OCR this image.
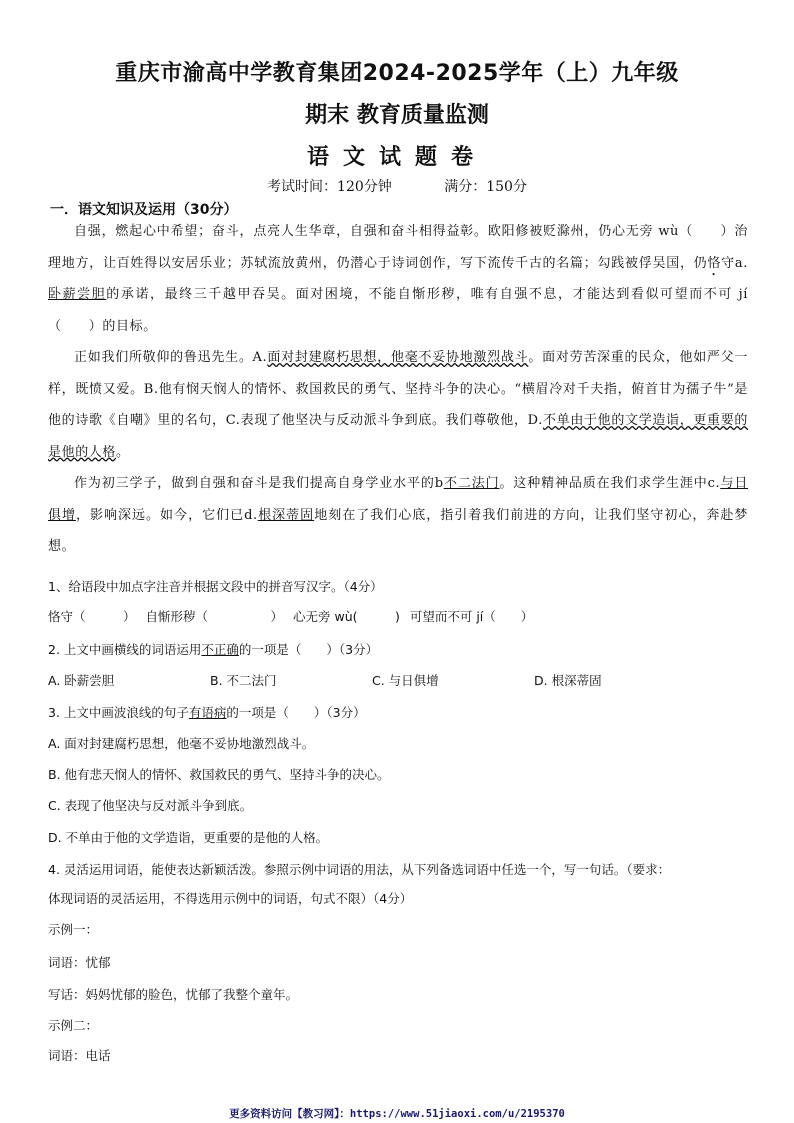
重庆市渝高中学教育集团2024-2025学年（上）九年级
期末 教育质量监测
语文试题卷
考试时间：120分钟	满分：150分
一．语文知识及运用（30分）

自强，燃起心中希望；奋斗，点亮人生华章，自强和奋斗相得益彰。欧阳修被贬滁州，仍心无旁 wù（　　）治理地方，让百姓得以安居乐业；苏轼流放黄州，仍潜心于诗词创作，写下流传千古的名篇；勾践被俘吴国，仍恪守a.卧薪尝胆的承诺，最终三千越甲吞吴。面对困境，不能自惭形秽，唯有自强不息，才能达到看似可望而不可 jí（　　）的目标。

正如我们所敬仰的鲁迅先生。A.面对封建腐朽思想，他毫不妥协地激烈战斗。面对劳苦深重的民众，他如严父一样，既愤又爱。B.他有悯天悯人的情怀、救国救民的勇气、坚持斗争的决心。“横眉冷对千夫指，俯首甘为孺子牛”是他的诗歌《自嘲》里的名句，C.表现了他坚决与反动派斗争到底。我们尊敬他，D.不单由于他的文学造诣，更重要的是他的人格。

作为初三学子，做到自强和奋斗是我们提高自身学业水平的b不二法门。这种精神品质在我们求学生涯中c.与日俱增，影响深远。如今，它们已d.根深蒂固地刻在了我们心底，指引着我们前进的方向，让我们坚守初心，奔赴梦想。

1、给语段中加点字注音并根据文段中的拼音写汉字。（4分）
恪守（　　　） 自惭形秽（　　　　　） 心无旁 wù(　　　) 可望而不可 jí（　　）
2. 上文中画横线的词语运用不正确的一项是（　　）（3分）
A. 卧薪尝胆	B. 不二法门	C. 与日俱增	D. 根深蒂固
3. 上文中画波浪线的句子有语病的一项是（　　）（3分）
A. 面对封建腐朽思想，他毫不妥协地激烈战斗。
B. 他有悲天悯人的情怀、救国救民的勇气、坚持斗争的决心。
C. 表现了他坚决与反对派斗争到底。
D. 不单由于他的文学造诣，更重要的是他的人格。
4. 灵活运用词语，能使表达新颖活泼。参照示例中词语的用法，从下列备选词语中任选一个，写一句话。（要求：
体现词语的灵活运用，不得选用示例中的词语，句式不限）（4分）
示例一：
词语：忧郁
写话：妈妈忧郁的脸色，忧郁了我整个童年。
示例二：
词语：电话
更多资料访问【教习网】：https://www.51jiaoxi.com/u/2195370
